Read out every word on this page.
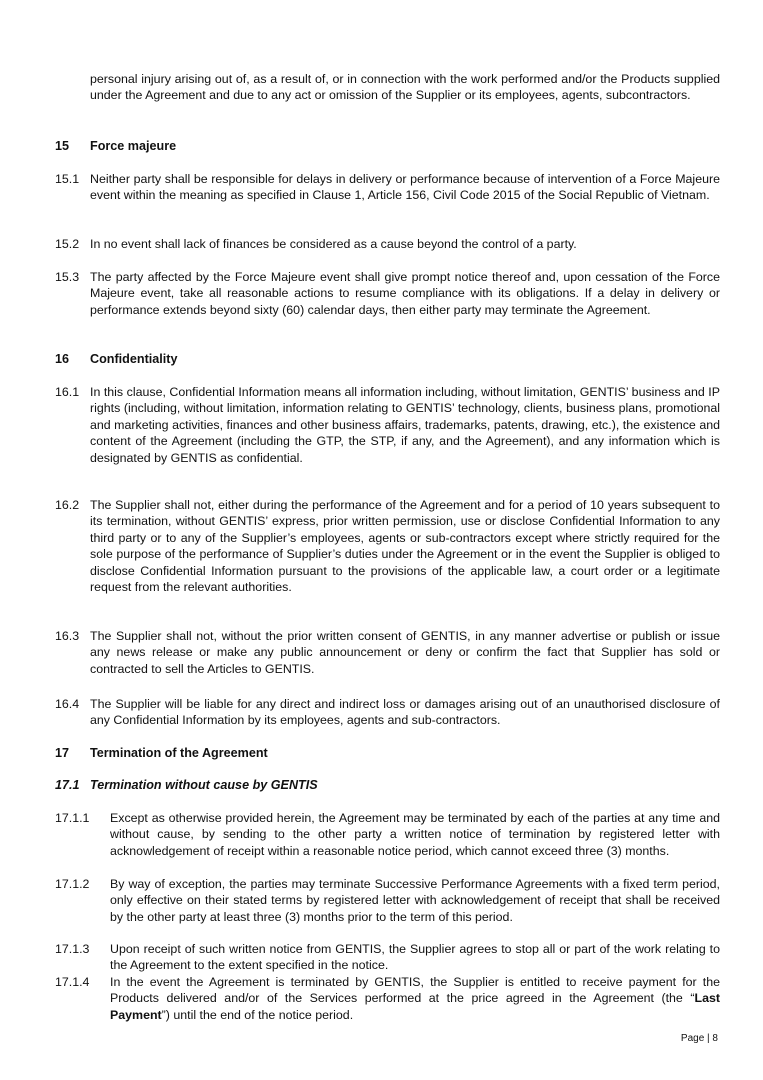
personal injury arising out of, as a result of, or in connection with the work performed and/or the Products supplied under the Agreement and due to any act or omission of the Supplier or its employees, agents, subcontractors.

15 Force majeure
15.1 Neither party shall be responsible for delays in delivery or performance because of intervention of a Force Majeure event within the meaning as specified in Clause 1, Article 156, Civil Code 2015 of the Social Republic of Vietnam.

15.2 In no event shall lack of finances be considered as a cause beyond the control of a party.

15.3 The party affected by the Force Majeure event shall give prompt notice thereof and, upon cessation of the Force Majeure event, take all reasonable actions to resume compliance with its obligations. If a delay in delivery or performance extends beyond sixty (60) calendar days, then either party may terminate the Agreement.

16 Confidentiality
16.1 In this clause, Confidential Information means all information including, without limitation, GENTIS’ business and IP rights (including, without limitation, information relating to GENTIS’ technology, clients, business plans, promotional and marketing activities, finances and other business affairs, trademarks, patents, drawing, etc.), the existence and content of the Agreement (including the GTP, the STP, if any, and the Agreement), and any information which is designated by GENTIS as confidential.

16.2 The Supplier shall not, either during the performance of the Agreement and for a period of 10 years subsequent to its termination, without GENTIS’ express, prior written permission, use or disclose Confidential Information to any third party or to any of the Supplier’s employees, agents or sub-contractors except where strictly required for the sole purpose of the performance of Supplier’s duties under the Agreement or in the event the Supplier is obliged to disclose Confidential Information pursuant to the provisions of the applicable law, a court order or a legitimate request from the relevant authorities.

16.3 The Supplier shall not, without the prior written consent of GENTIS, in any manner advertise or publish or issue any news release or make any public announcement or deny or confirm the fact that Supplier has sold or contracted to sell the Articles to GENTIS.

16.4 The Supplier will be liable for any direct and indirect loss or damages arising out of an unauthorised disclosure of any Confidential Information by its employees, agents and sub-contractors.

17 Termination of the Agreement
17.1 Termination without cause by GENTIS
17.1.1 Except as otherwise provided herein, the Agreement may be terminated by each of the parties at any time and without cause, by sending to the other party a written notice of termination by registered letter with acknowledgement of receipt within a reasonable notice period, which cannot exceed three (3) months.

17.1.2 By way of exception, the parties may terminate Successive Performance Agreements with a fixed term period, only effective on their stated terms by registered letter with acknowledgement of receipt that shall be received by the other party at least three (3) months prior to the term of this period.

17.1.3 Upon receipt of such written notice from GENTIS, the Supplier agrees to stop all or part of the work relating to the Agreement to the extent specified in the notice.

17.1.4 In the event the Agreement is terminated by GENTIS, the Supplier is entitled to receive payment for the Products delivered and/or of the Services performed at the price agreed in the Agreement (the “Last Payment”) until the end of the notice period.

Page | 8
